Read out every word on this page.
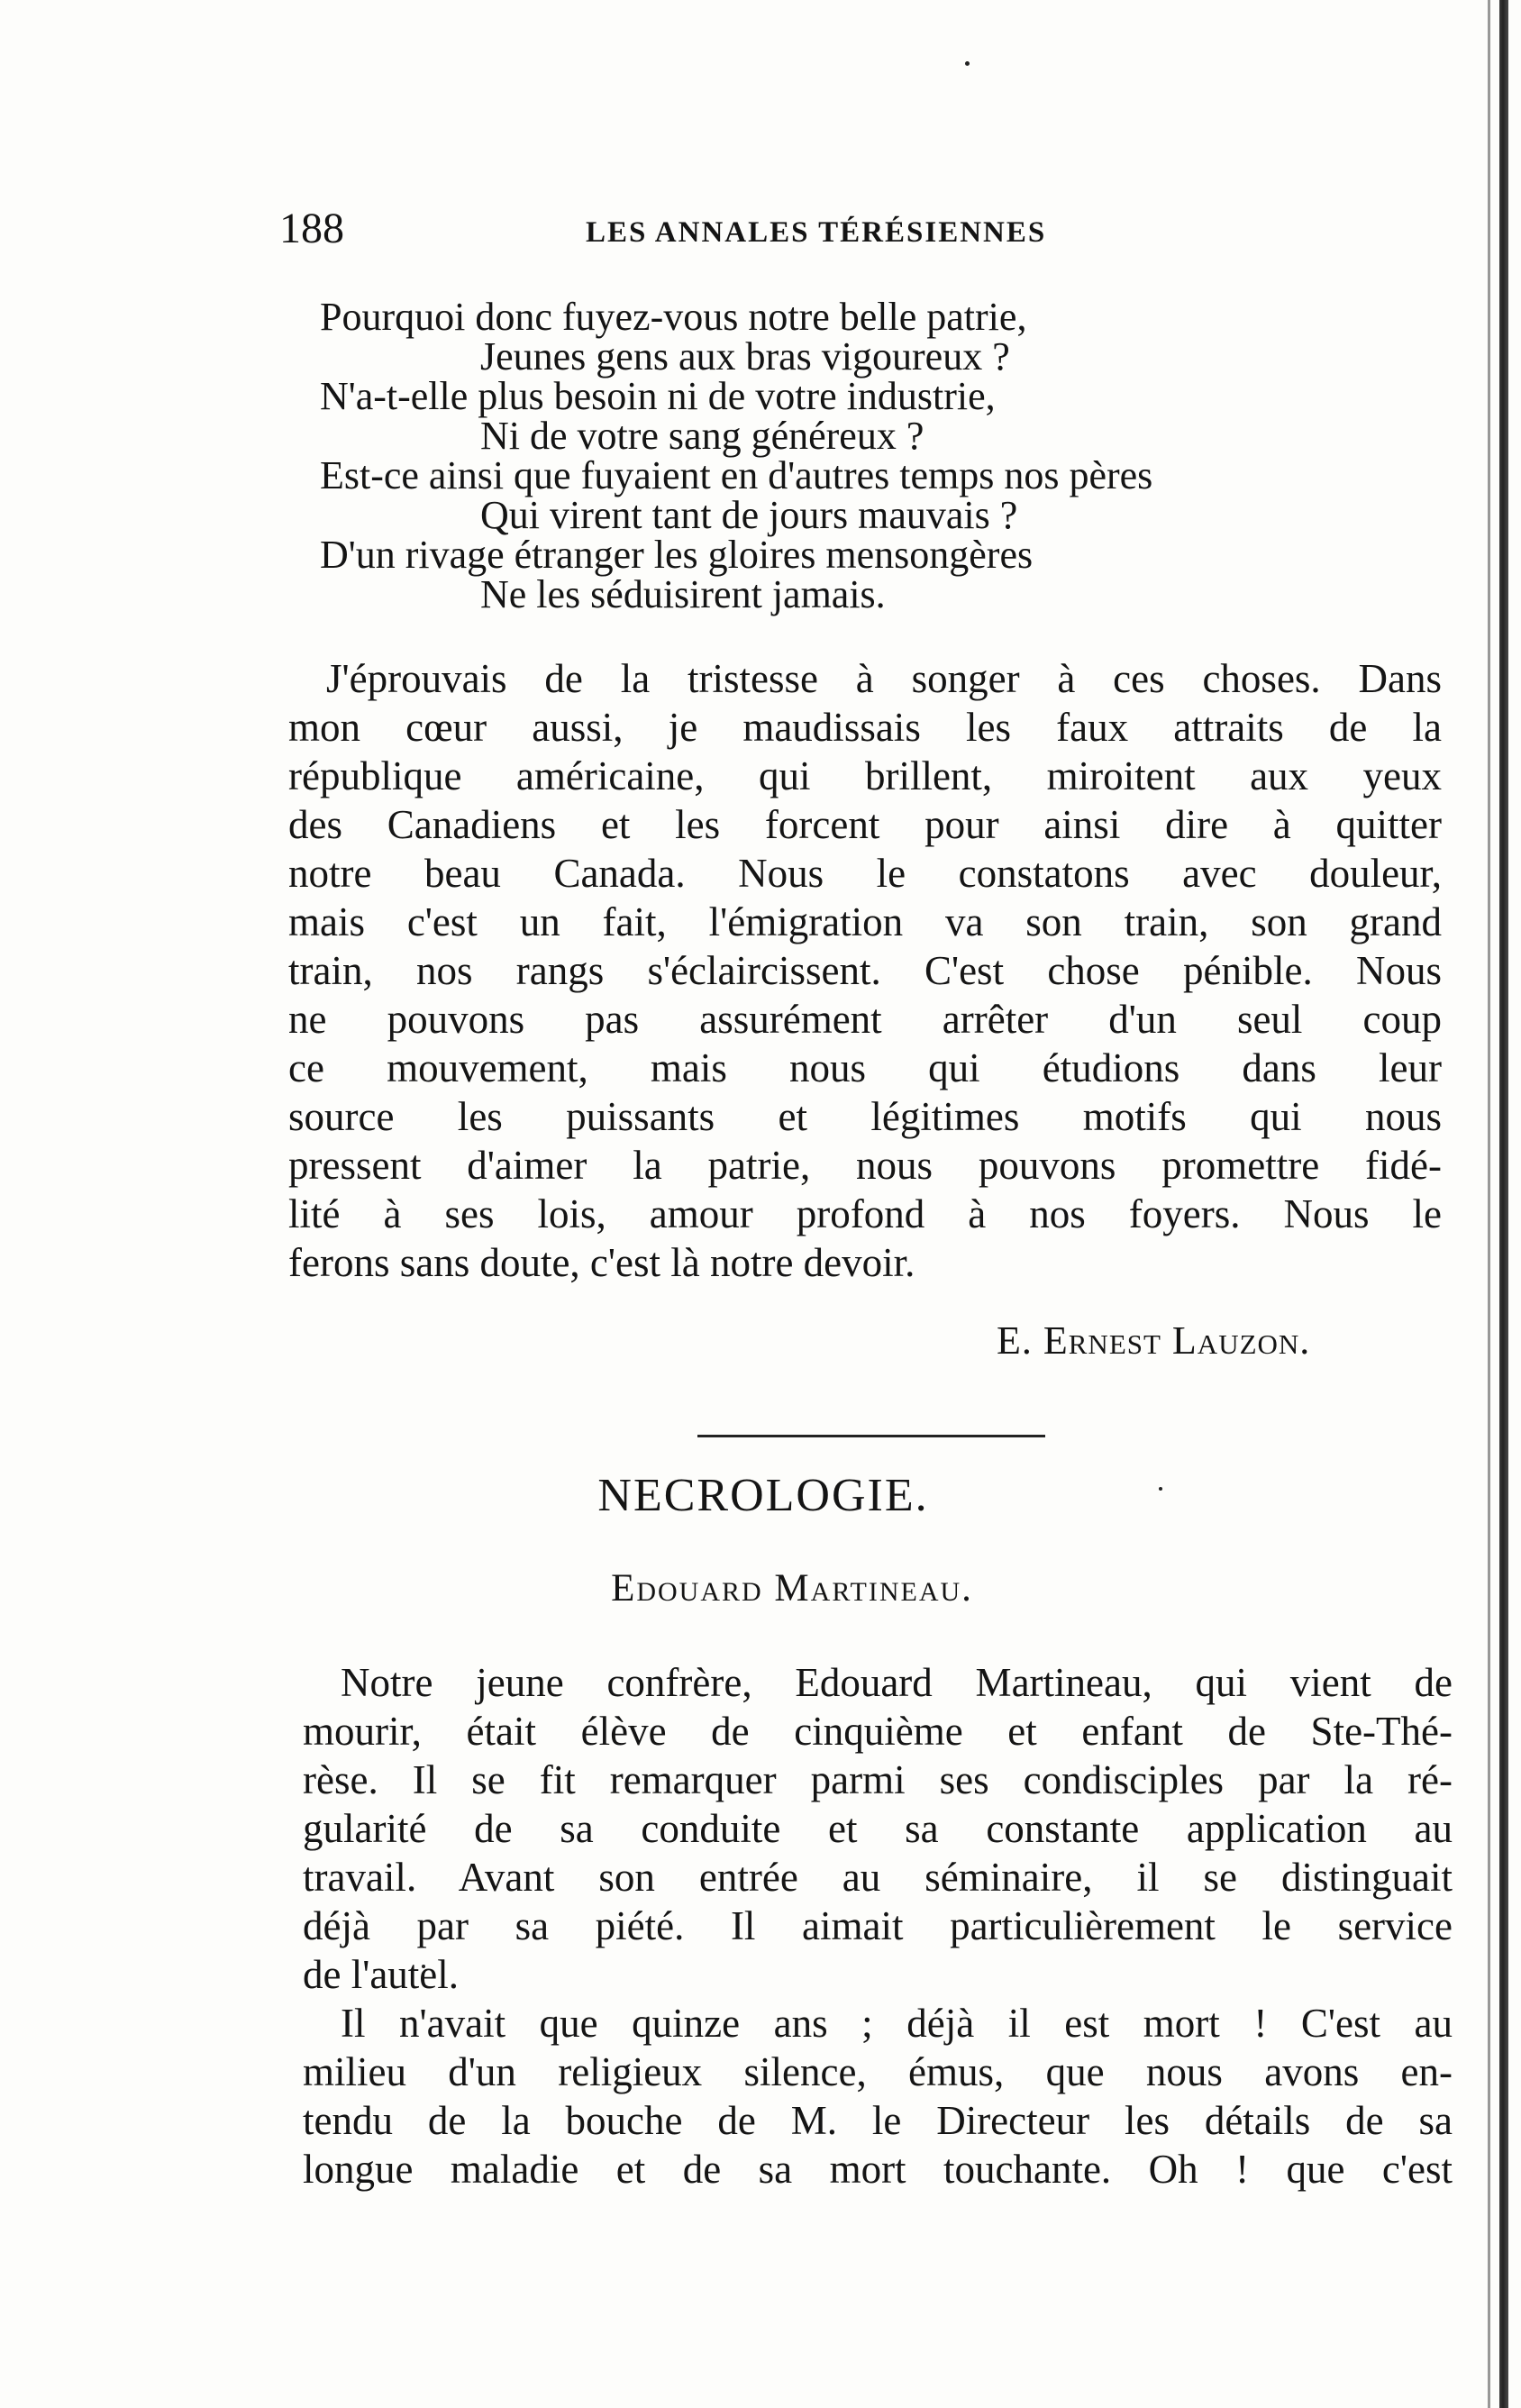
188	LES ANNALES TÉRÉSIENNES
Pourquoi donc fuyez-vous notre belle patrie,
Jeunes gens aux bras vigoureux ?
N'a-t-elle plus besoin ni de votre industrie,
Ni de votre sang généreux ?
Est-ce ainsi que fuyaient en d'autres temps nos pères
Qui virent tant de jours mauvais ?
D'un rivage étranger les gloires mensongères
Ne les séduisirent jamais.
J'éprouvais de la tristesse à songer à ces choses. Dans
mon cœur aussi, je maudissais les faux attraits de la
république américaine, qui brillent, miroitent aux yeux
des Canadiens et les forcent pour ainsi dire à quitter
notre beau Canada. Nous le constatons avec douleur,
mais c'est un fait, l'émigration va son train, son grand
train, nos rangs s'éclaircissent. C'est chose pénible. Nous
ne pouvons pas assurément arrêter d'un seul coup
ce mouvement, mais nous qui étudions dans leur
source les puissants et légitimes motifs qui nous
pressent d'aimer la patrie, nous pouvons promettre fidé-
lité à ses lois, amour profond à nos foyers. Nous le
ferons sans doute, c'est là notre devoir.
E. Ernest Lauzon.
NECROLOGIE.
Edouard Martineau.
Notre jeune confrère, Edouard Martineau, qui vient de
mourir, était élève de cinquième et enfant de Ste-Thé-
rèse. Il se fit remarquer parmi ses condisciples par la ré-
gularité de sa conduite et sa constante application au
travail. Avant son entrée au séminaire, il se distinguait
déjà par sa piété. Il aimait particulièrement le service
de l'autel.
Il n'avait que quinze ans ; déjà il est mort ! C'est au
milieu d'un religieux silence, émus, que nous avons en-
tendu de la bouche de M. le Directeur les détails de sa
longue maladie et de sa mort touchante. Oh ! que c'est
